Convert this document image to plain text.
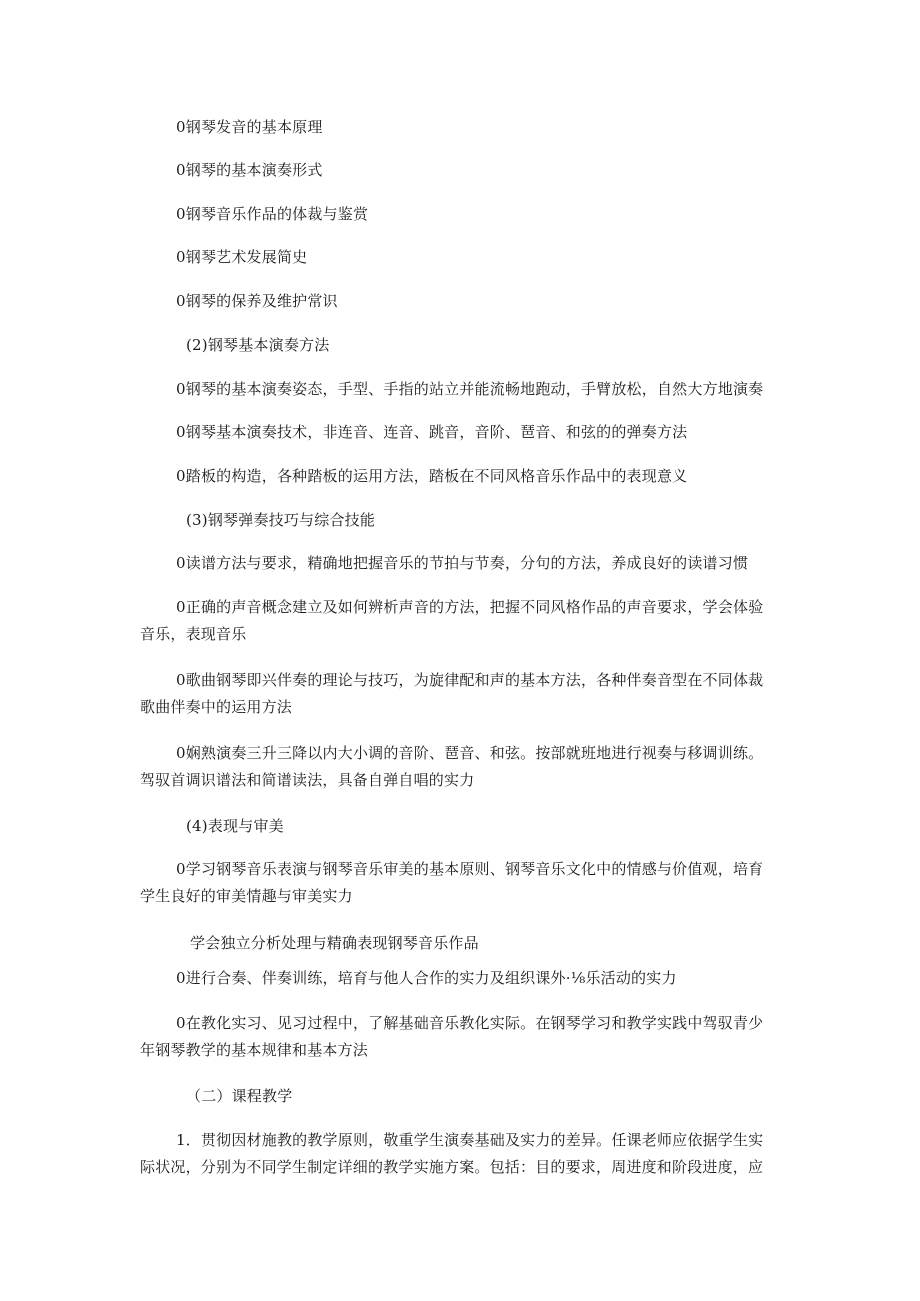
0钢琴发音的基本原理
0钢琴的基本演奏形式
0钢琴音乐作品的体裁与鉴赏
0钢琴艺术发展简史
0钢琴的保养及维护常识
(2)钢琴基本演奏方法
0钢琴的基本演奏姿态，手型、手指的站立并能流畅地跑动，手臂放松，自然大方地演奏
0钢琴基本演奏技术，非连音、连音、跳音，音阶、琶音、和弦的的弹奏方法
0踏板的构造，各种踏板的运用方法，踏板在不同风格音乐作品中的表现意义
(3)钢琴弹奏技巧与综合技能
0读谱方法与要求，精确地把握音乐的节拍与节奏，分句的方法，养成良好的读谱习惯
0正确的声音概念建立及如何辨析声音的方法，把握不同风格作品的声音要求，学会体验
音乐，表现音乐
0歌曲钢琴即兴伴奏的理论与技巧，为旋律配和声的基本方法，各种伴奏音型在不同体裁
歌曲伴奏中的运用方法
0娴熟演奏三升三降以内大小调的音阶、琶音、和弦。按部就班地进行视奏与移调训练。
驾驭首调识谱法和简谱读法，具备自弹自唱的实力
(4)表现与审美
0学习钢琴音乐表演与钢琴音乐审美的基本原则、钢琴音乐文化中的情感与价值观，培育
学生良好的审美情趣与审美实力
学会独立分析处理与精确表现钢琴音乐作品
0进行合奏、伴奏训练，培育与他人合作的实力及组织课外·⅛乐活动的实力
0在教化实习、见习过程中，了解基础音乐教化实际。在钢琴学习和教学实践中驾驭青少
年钢琴教学的基本规律和基本方法
（二）课程教学
1．贯彻因材施教的教学原则，敬重学生演奏基础及实力的差异。任课老师应依据学生实
际状况，分别为不同学生制定详细的教学实施方案。包括：目的要求，周进度和阶段进度，应
